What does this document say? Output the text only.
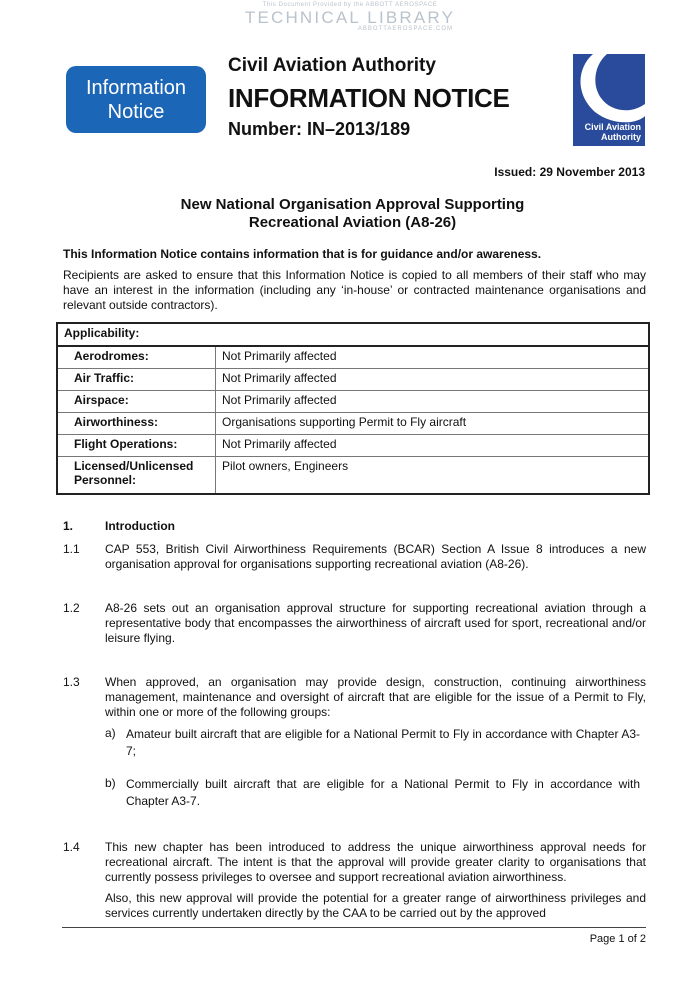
This Document Provided by the ABBOTT AEROSPACE
TECHNICAL LIBRARY
ABBOTTAEROSPACE.COM
Information
Notice
Civil Aviation Authority
INFORMATION NOTICE
Number: IN–2013/189	Civil Aviation
Authority
Issued: 29 November 2013
New National Organisation Approval Supporting
Recreational Aviation (A8-26)
This Information Notice contains information that is for guidance and/or awareness.
Recipients are asked to ensure that this Information Notice is copied to all members of their staff who may have an interest in the information (including any ‘in-house’ or contracted maintenance organisations and relevant outside contractors).
Applicability:	
Aerodromes:	Not Primarily affected
Air Traffic:	Not Primarily affected
Airspace:	Not Primarily affected
Airworthiness:	Organisations supporting Permit to Fly aircraft
Flight Operations:	Not Primarily affected
Licensed/Unlicensed Personnel:	Pilot owners, Engineers
1.	Introduction
1.1 CAP 553, British Civil Airworthiness Requirements (BCAR) Section A Issue 8 introduces a new organisation approval for organisations supporting recreational aviation (A8-26).
1.2 A8-26 sets out an organisation approval structure for supporting recreational aviation through a representative body that encompasses the airworthiness of aircraft used for sport, recreational and/or leisure flying.
1.3 When approved, an organisation may provide design, construction, continuing airworthiness management, maintenance and oversight of aircraft that are eligible for the issue of a Permit to Fly, within one or more of the following groups:
a) Amateur built aircraft that are eligible for a National Permit to Fly in accordance with Chapter A3-7;
b) Commercially built aircraft that are eligible for a National Permit to Fly in accordance with Chapter A3-7.
1.4 This new chapter has been introduced to address the unique airworthiness approval needs for recreational aircraft. The intent is that the approval will provide greater clarity to organisations that currently possess privileges to oversee and support recreational aviation airworthiness.
Also, this new approval will provide the potential for a greater range of airworthiness privileges and services currently undertaken directly by the CAA to be carried out by the approved
Page 1 of 2
